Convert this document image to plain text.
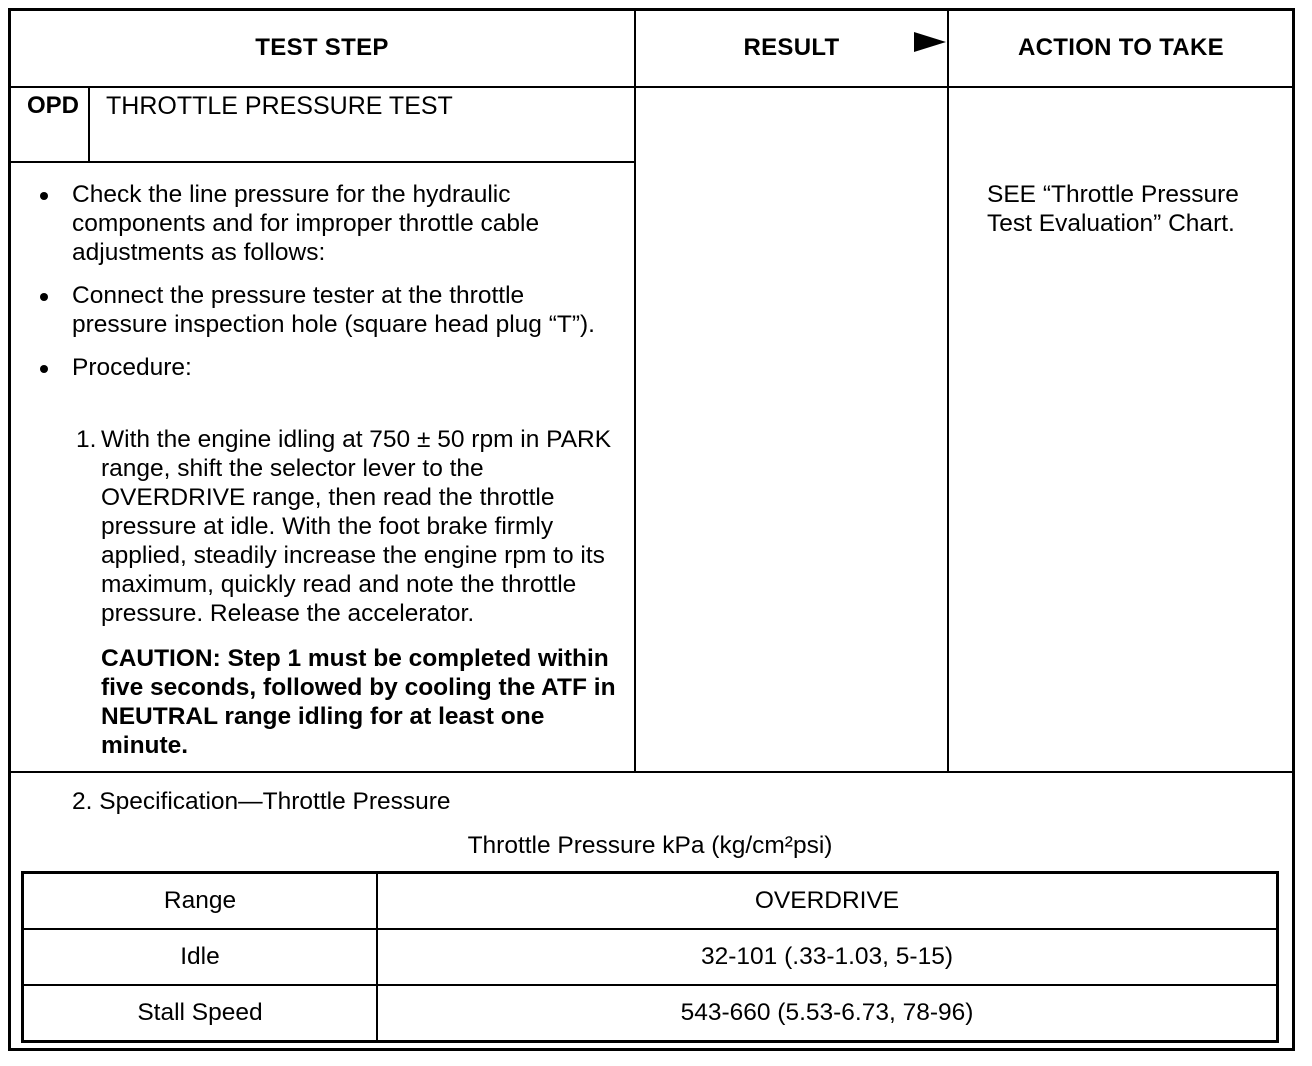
TEST STEP	RESULT	ACTION TO TAKE
OPD	THROTTLE PRESSURE TEST
Check the line pressure for the hydraulic components and for improper throttle cable adjustments as follows:
Connect the pressure tester at the throttle pressure inspection hole (square head plug “T”).
Procedure:
1. With the engine idling at 750 ± 50 rpm in PARK range, shift the selector lever to the OVERDRIVE range, then read the throttle pressure at idle. With the foot brake firmly applied, steadily increase the engine rpm to its maximum, quickly read and note the throttle pressure. Release the accelerator.
CAUTION: Step 1 must be completed within five seconds, followed by cooling the ATF in NEUTRAL range idling for at least one minute.
SEE “Throttle Pressure Test Evaluation” Chart.
2. Specification—Throttle Pressure
Throttle Pressure kPa (kg/cm²psi)
Range	OVERDRIVE
Idle	32-101 (.33-1.03, 5-15)
Stall Speed	543-660 (5.53-6.73, 78-96)
